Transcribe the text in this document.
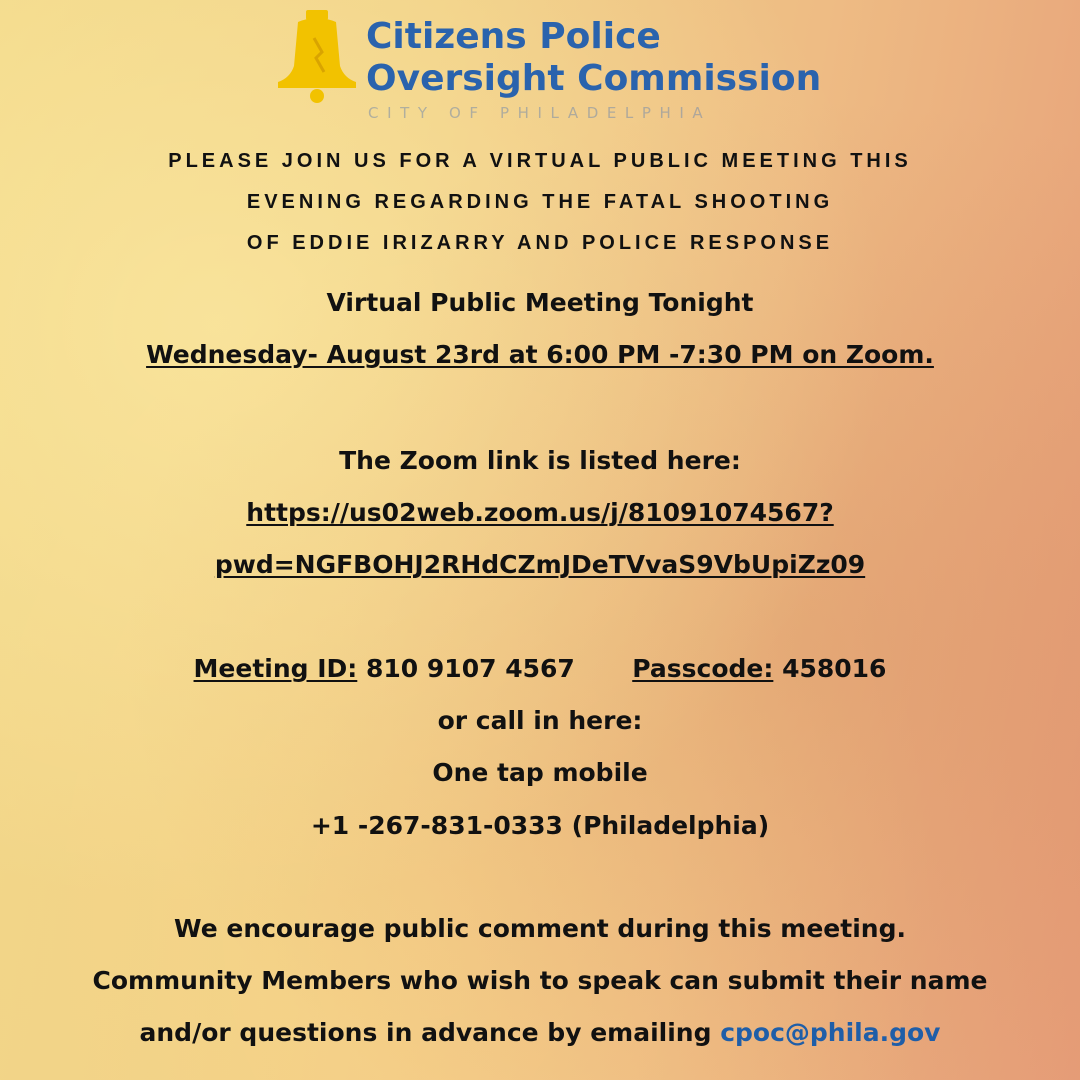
Citizens Police
Oversight Commission
CITY OF PHILADELPHIA
PLEASE JOIN US FOR A VIRTUAL PUBLIC MEETING THIS
EVENING REGARDING THE FATAL SHOOTING
OF EDDIE IRIZARRY AND POLICE RESPONSE
Virtual Public Meeting Tonight
Wednesday- August 23rd at 6:00 PM -7:30 PM on Zoom.
The Zoom link is listed here:
https://us02web.zoom.us/j/81091074567?
pwd=NGFBOHJ2RHdCZmJDeTVvaS9VbUpiZz09
Meeting ID: 810 9107 4567 Passcode: 458016
or call in here:
One tap mobile
+1 -267-831-0333 (Philadelphia)
We encourage public comment during this meeting.
Community Members who wish to speak can submit their name
and/or questions in advance by emailing cpoc@phila.gov
